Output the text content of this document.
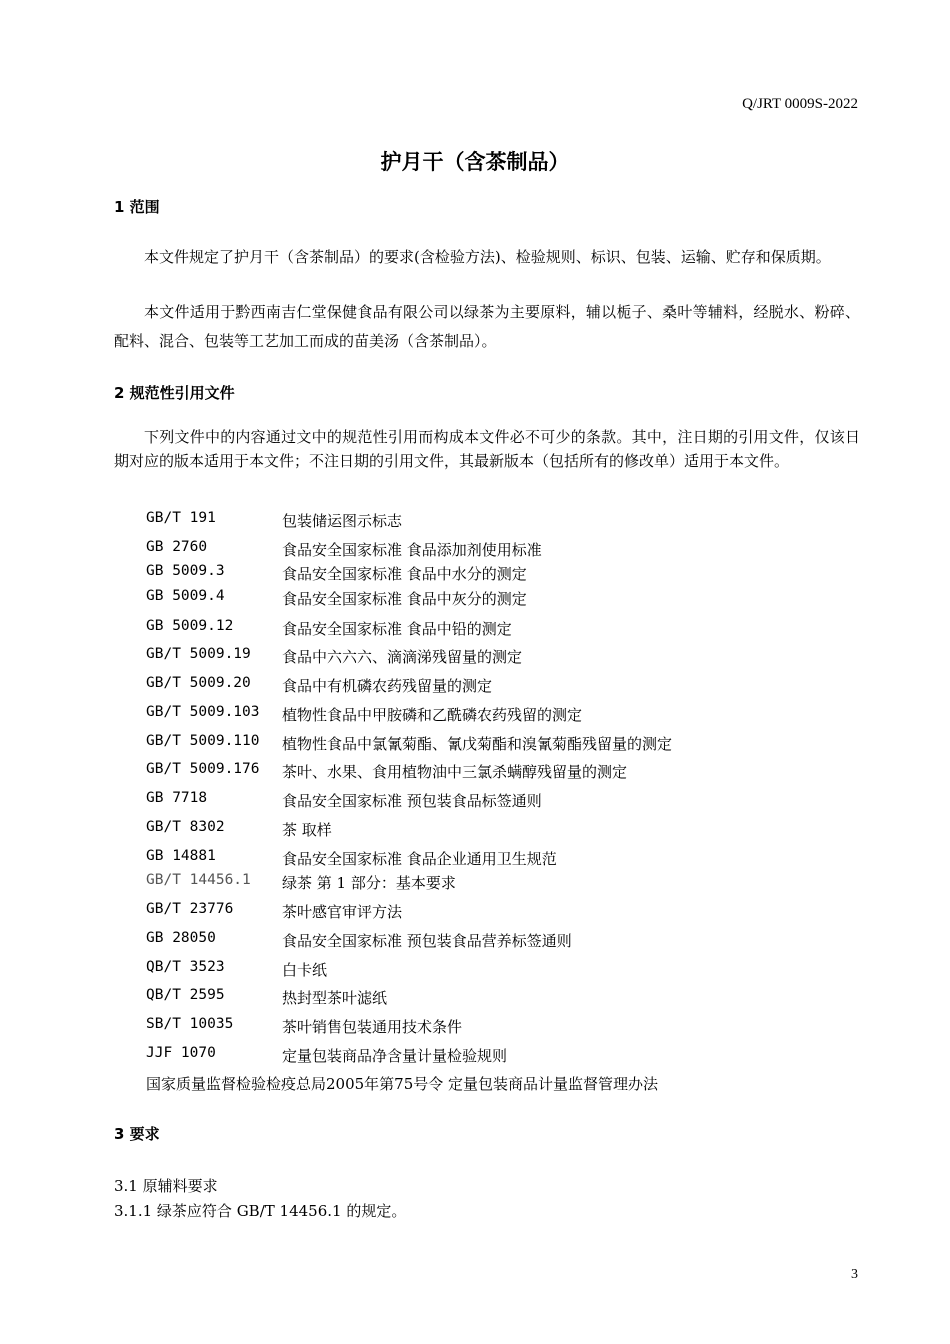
Q/JRT 0009S-2022
护月干（含茶制品）
1 范围
本文件规定了护月干（含茶制品）的要求(含检验方法)、检验规则、标识、包装、运输、贮存和保质期。
本文件适用于黔西南吉仁堂保健食品有限公司以绿茶为主要原料，辅以栀子、桑叶等辅料，经脱水、粉碎、配料、混合、包装等工艺加工而成的苗美汤（含茶制品）。
2 规范性引用文件
下列文件中的内容通过文中的规范性引用而构成本文件必不可少的条款。其中，注日期的引用文件，仅该日期对应的版本适用于本文件；不注日期的引用文件，其最新版本（包括所有的修改单）适用于本文件。
GB/T 191	包装储运图示标志
GB 2760	食品安全国家标准 食品添加剂使用标准
GB 5009.3	食品安全国家标准 食品中水分的测定
GB 5009.4	食品安全国家标准 食品中灰分的测定
GB 5009.12	食品安全国家标准 食品中铅的测定
GB/T 5009.19 食品中六六六、滴滴涕残留量的测定
GB/T 5009.20 食品中有机磷农药残留量的测定
GB/T 5009.103 植物性食品中甲胺磷和乙酰磷农药残留的测定
GB/T 5009.110 植物性食品中氯氰菊酯、氰戊菊酯和溴氰菊酯残留量的测定
GB/T 5009.176 茶叶、水果、食用植物油中三氯杀螨醇残留量的测定
GB 7718	食品安全国家标准 预包装食品标签通则
GB/T 8302	茶 取样
GB 14881	食品安全国家标准 食品企业通用卫生规范
GB/T 14456.1 绿茶 第 1 部分：基本要求
GB/T 23776	茶叶感官审评方法
GB 28050	食品安全国家标准 预包装食品营养标签通则
QB/T 3523	白卡纸
QB/T 2595	热封型茶叶滤纸
SB/T 10035	茶叶销售包装通用技术条件
JJF 1070	定量包装商品净含量计量检验规则
国家质量监督检验检疫总局2005年第75号令 定量包装商品计量监督管理办法
3 要求
3.1 原辅料要求
3.1.1 绿茶应符合 GB/T 14456.1 的规定。
3
